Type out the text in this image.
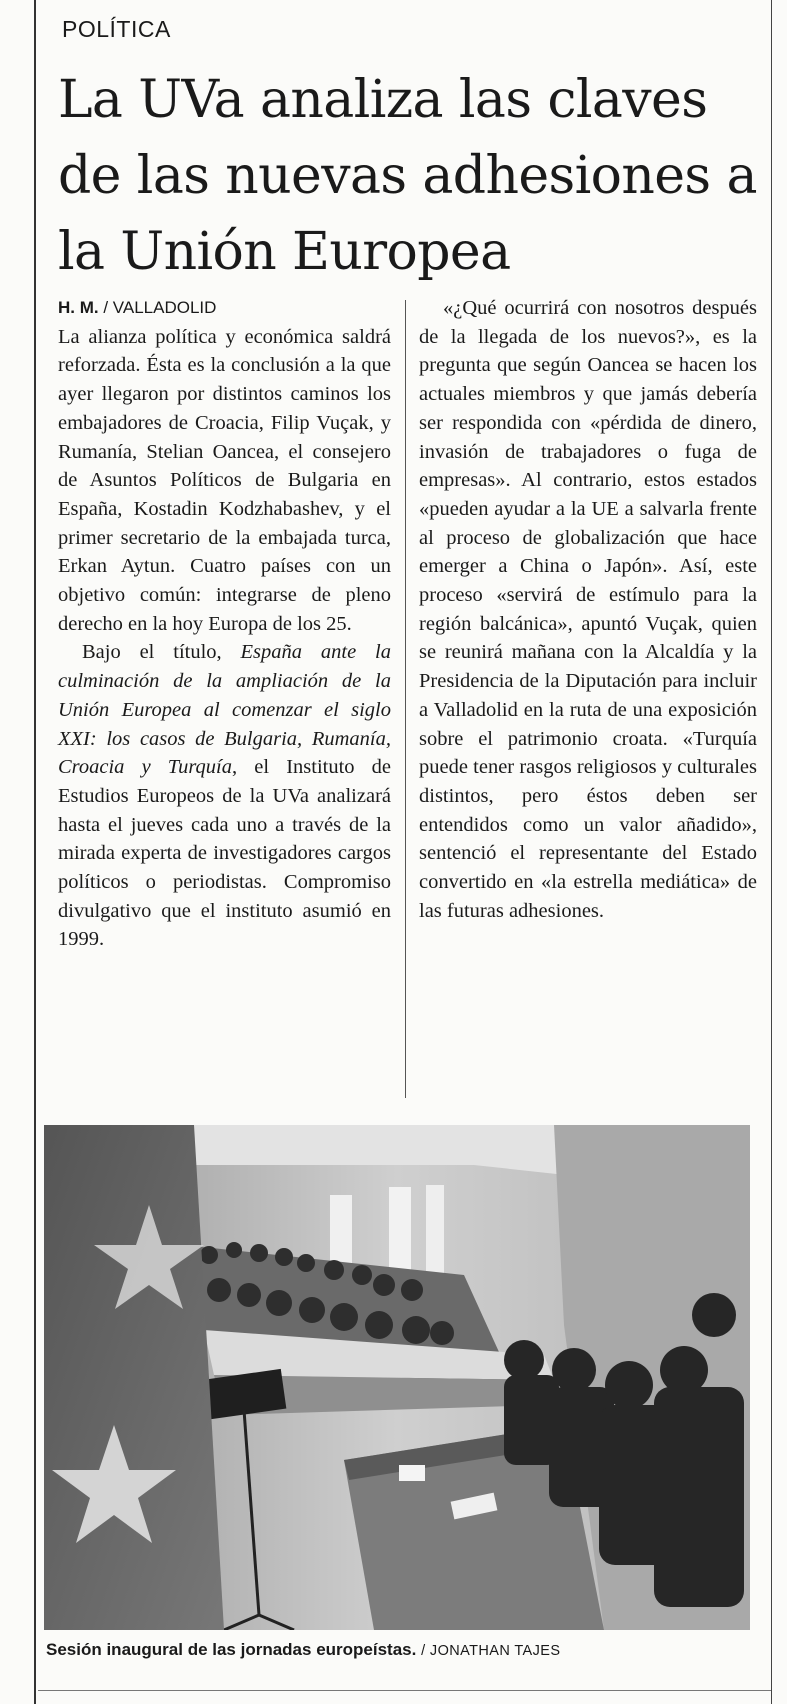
POLÍTICA
La UVa analiza las claves de las nuevas adhesiones a la Unión Europea
H. M. / VALLADOLID

La alianza política y económica saldrá reforzada. Ésta es la conclusión a la que ayer llegaron por distintos caminos los embajadores de Croacia, Filip Vuçak, y Rumanía, Stelian Oancea, el consejero de Asuntos Políticos de Bulgaria en España, Kostadin Kodzhabashev, y el primer secretario de la embajada turca, Erkan Aytun. Cuatro países con un objetivo común: integrarse de pleno derecho en la hoy Europa de los 25.

Bajo el título, España ante la culminación de la ampliación de la Unión Europea al comenzar el siglo XXI: los casos de Bulgaria, Rumanía, Croacia y Turquía, el Instituto de Estudios Europeos de la UVa analizará hasta el jueves cada uno a través de la mirada experta de investigadores cargos políticos o periodistas. Compromiso divulgativo que el instituto asumió en 1999.

«¿Qué ocurrirá con nosotros después de la llegada de los nuevos?», es la pregunta que según Oancea se hacen los actuales miembros y que jamás debería ser respondida con «pérdida de dinero, invasión de trabajadores o fuga de empresas». Al contrario, estos estados «pueden ayudar a la UE a salvarla frente al proceso de globalización que hace emerger a China o Japón». Así, este proceso «servirá de estímulo para la región balcánica», apuntó Vuçak, quien se reunirá mañana con la Alcaldía y la Presidencia de la Diputación para incluir a Valladolid en la ruta de una exposición sobre el patrimonio croata. «Turquía puede tener rasgos religiosos y culturales distintos, pero éstos deben ser entendidos como un valor añadido», sentenció el representante del Estado convertido en «la estrella mediática» de las futuras adhesiones.

Sesión inaugural de las jornadas europeístas. / JONATHAN TAJES
